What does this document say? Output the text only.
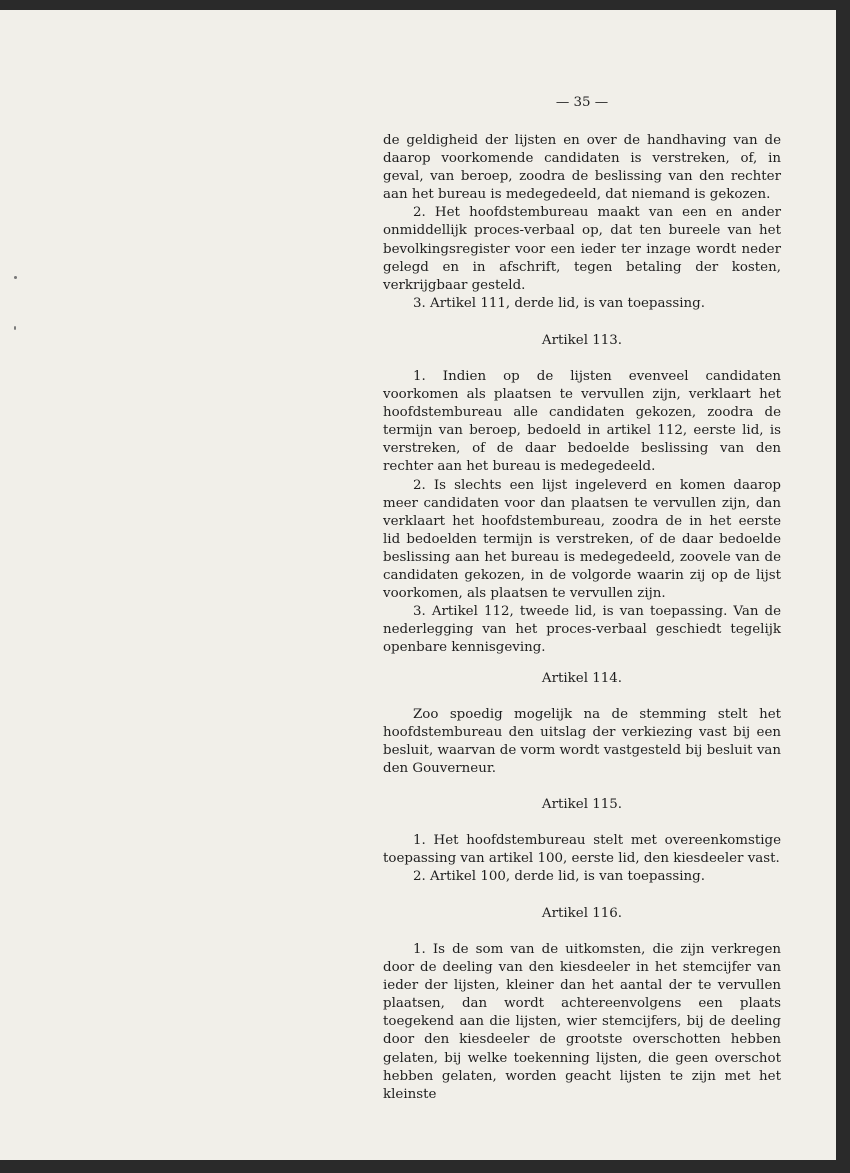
— 35 —

de geldigheid der lijsten en over de handhaving van de daarop voorkomende candidaten is verstreken, of, in geval, van beroep, zoodra de beslissing van den rechter aan het bureau is medegedeeld, dat niemand is gekozen.

2. Het hoofdstembureau maakt van een en ander onmiddellijk proces-verbaal op, dat ten bureele van het bevolkingsregister voor een ieder ter inzage wordt neder gelegd en in afschrift, tegen betaling der kosten, verkrijgbaar gesteld.

3. Artikel 111, derde lid, is van toepassing.

Artikel 113.

1. Indien op de lijsten evenveel candidaten voorkomen als plaatsen te vervullen zijn, verklaart het hoofdstembureau alle candidaten gekozen, zoodra de termijn van beroep, bedoeld in artikel 112, eerste lid, is verstreken, of de daar bedoelde beslissing van den rechter aan het bureau is medegedeeld.

2. Is slechts een lijst ingeleverd en komen daarop meer candidaten voor dan plaatsen te vervullen zijn, dan verklaart het hoofdstembureau, zoodra de in het eerste lid bedoelden termijn is verstreken, of de daar bedoelde beslissing aan het bureau is medegedeeld, zoovele van de candidaten gekozen, in de volgorde waarin zij op de lijst voorkomen, als plaatsen te vervullen zijn.

3. Artikel 112, tweede lid, is van toepassing. Van de nederlegging van het proces-verbaal geschiedt tegelijk openbare kennisgeving.

Artikel 114.

Zoo spoedig mogelijk na de stemming stelt het hoofdstembureau den uitslag der verkiezing vast bij een besluit, waarvan de vorm wordt vastgesteld bij besluit van den Gouverneur.

Artikel 115.

1. Het hoofdstembureau stelt met overeenkomstige toepassing van artikel 100, eerste lid, den kiesdeeler vast.

2. Artikel 100, derde lid, is van toepassing.

Artikel 116.

1. Is de som van de uitkomsten, die zijn verkregen door de deeling van den kiesdeeler in het stemcijfer van ieder der lijsten, kleiner dan het aantal der te vervullen plaatsen, dan wordt achtereenvolgens een plaats toegekend aan die lijsten, wier stemcijfers, bij de deeling door den kiesdeeler de grootste overschotten hebben gelaten, bij welke toekenning lijsten, die geen overschot hebben gelaten, worden geacht lijsten te zijn met het kleinste
